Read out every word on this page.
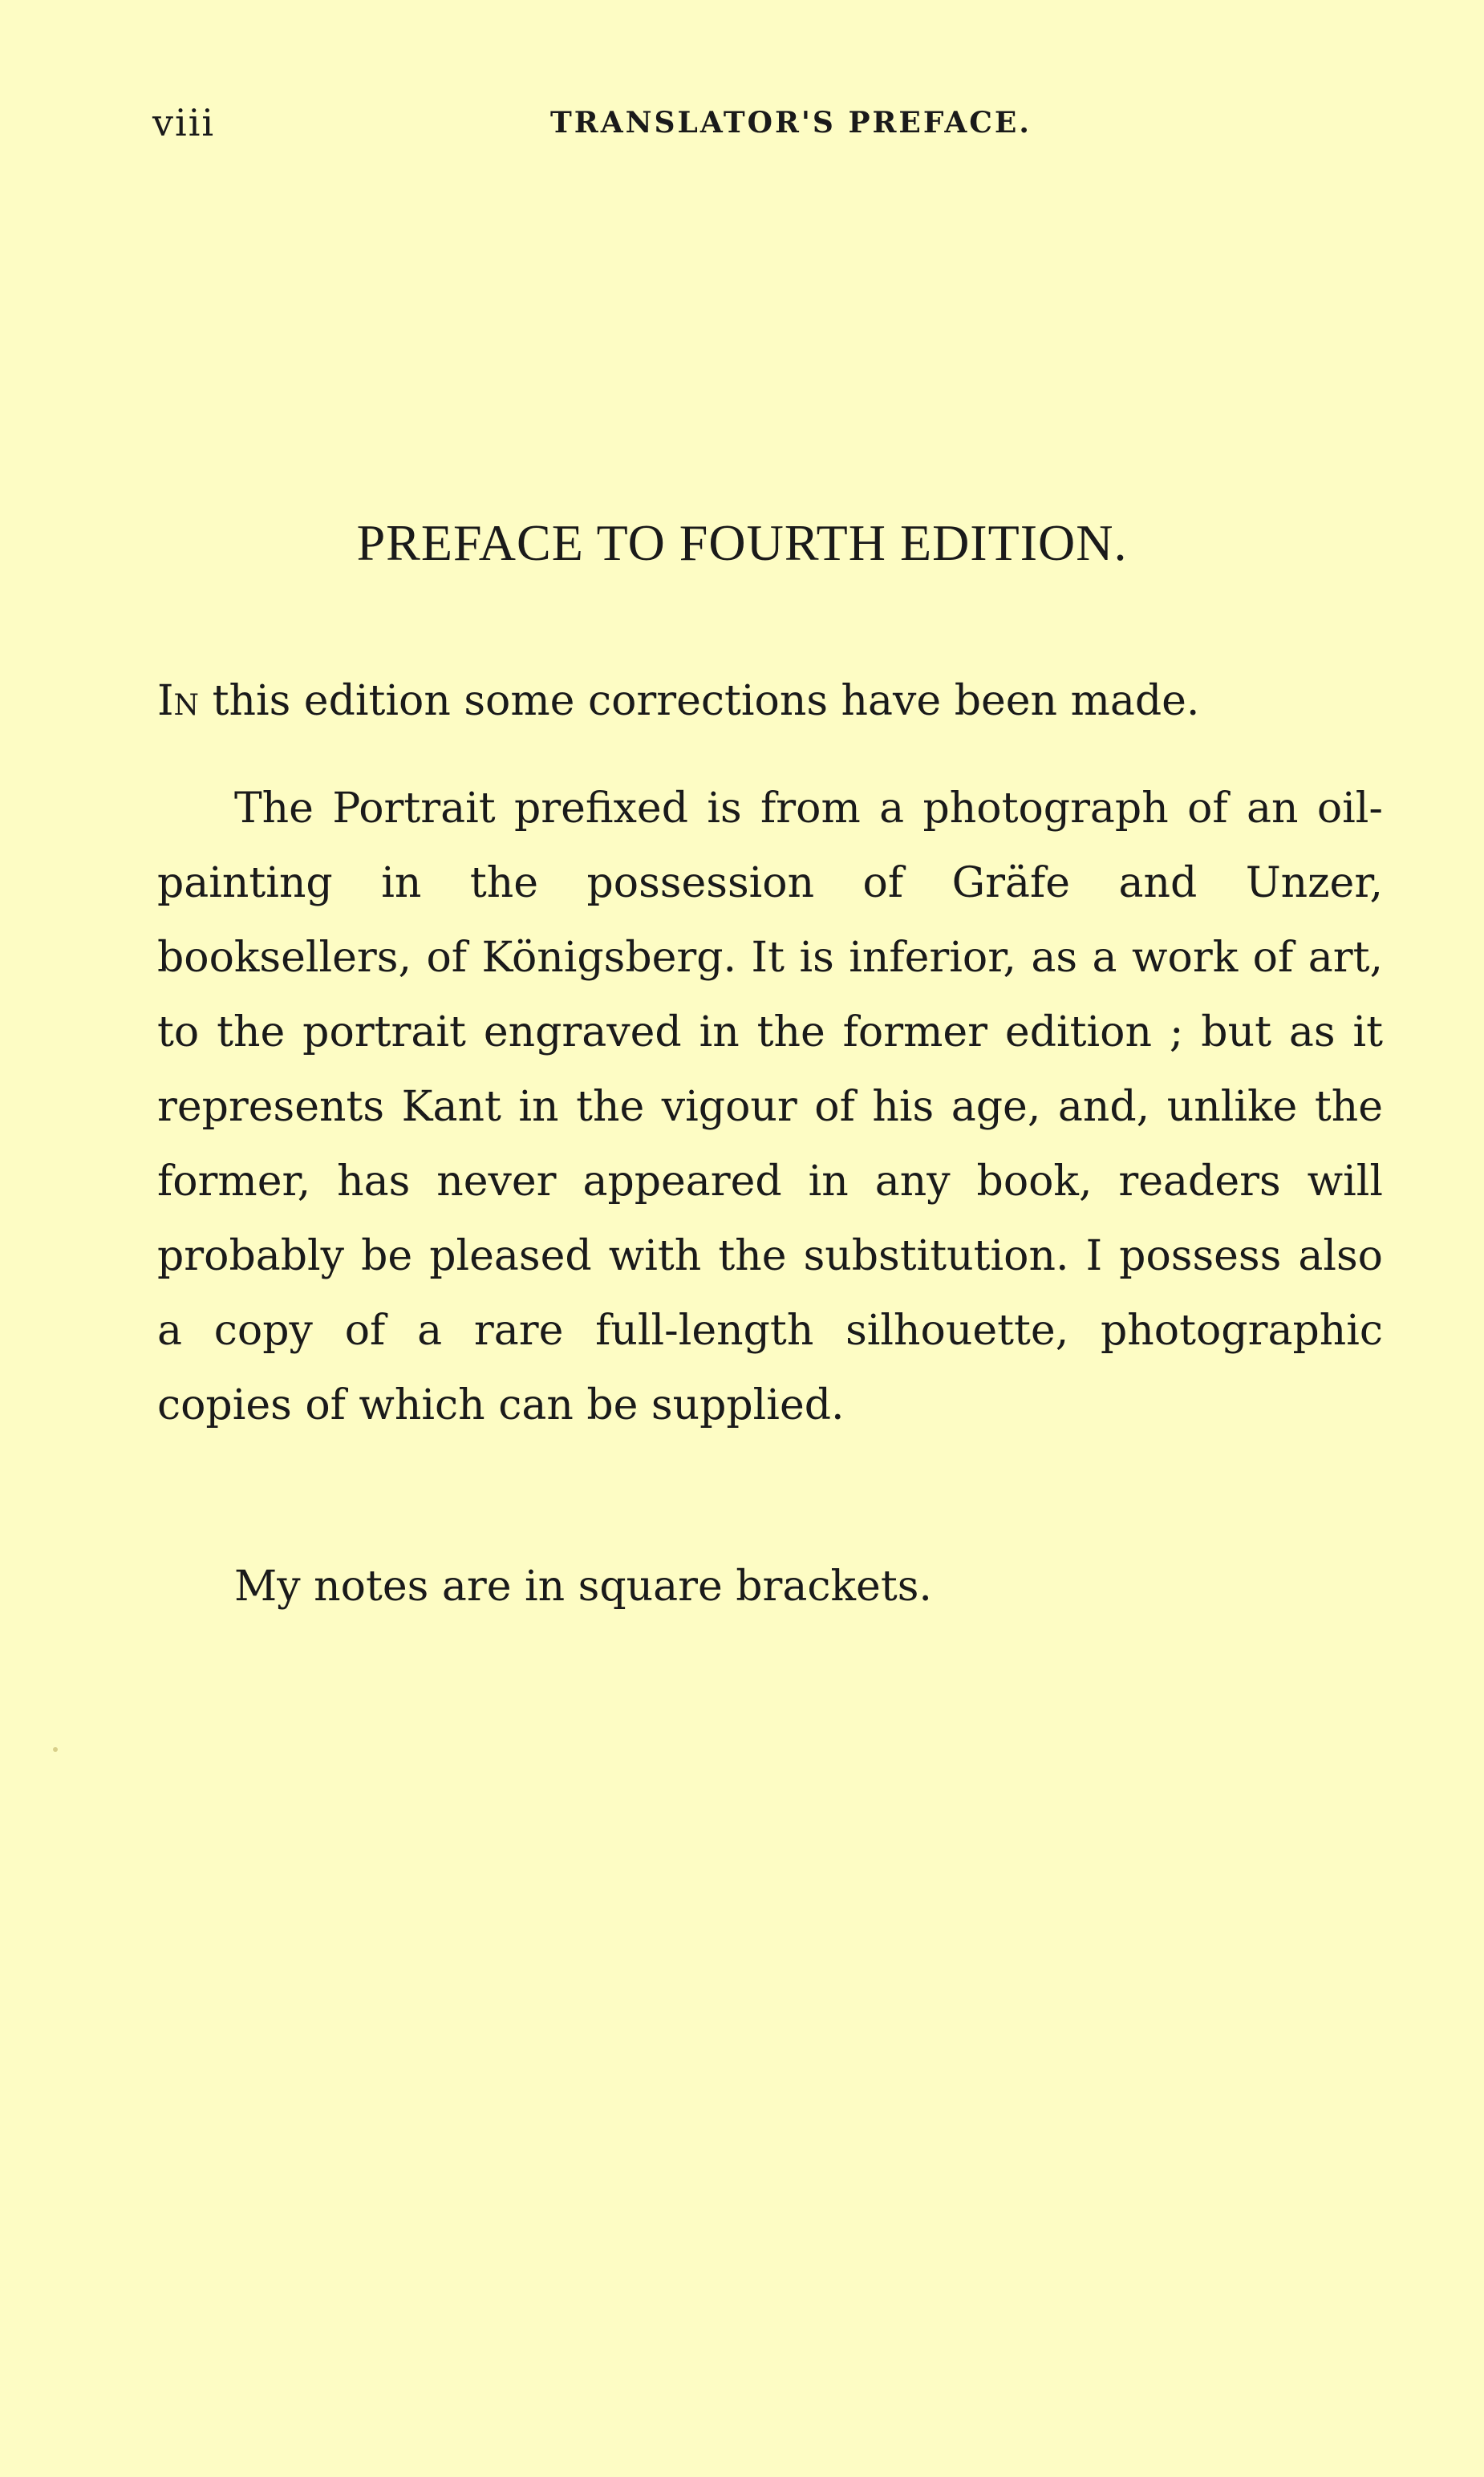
viii	TRANSLATOR'S PREFACE.
PREFACE TO FOURTH EDITION.

In this edition some corrections have been made.

The Portrait prefixed is from a photograph of an oil-painting in the possession of Gräfe and Unzer, booksellers, of Königsberg. It is inferior, as a work of art, to the portrait engraved in the former edition ; but as it represents Kant in the vigour of his age, and, unlike the former, has never appeared in any book, readers will probably be pleased with the substitution. I possess also a copy of a rare full-length silhouette, photographic copies of which can be supplied.

My notes are in square brackets.
